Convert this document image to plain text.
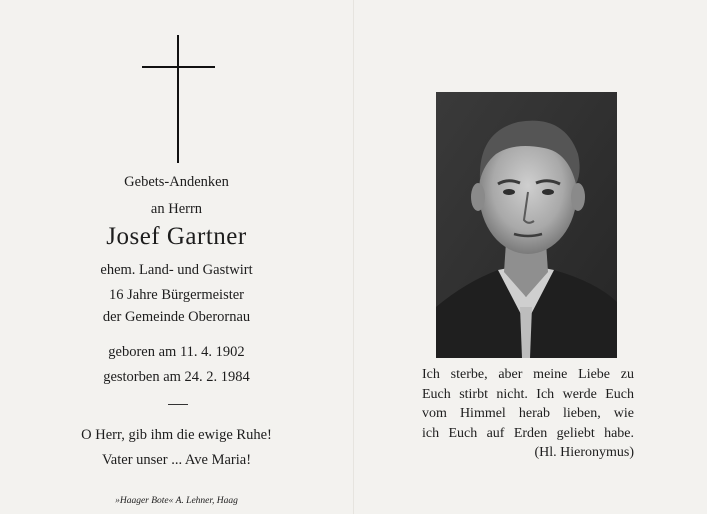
Gebets-Andenken
an Herrn
Josef Gartner
ehem. Land- und Gastwirt
16 Jahre Bürgermeister
der Gemeinde Oberornau
geboren am 11. 4. 1902
gestorben am 24. 2. 1984
O Herr, gib ihm die ewige Ruhe!
Vater unser ... Ave Maria!
»Haager Bote« A. Lehner, Haag
Ich sterbe, aber meine Liebe zu
Euch stirbt nicht. Ich werde Euch
vom Himmel herab lieben, wie
ich Euch auf Erden geliebt habe.
(Hl. Hieronymus)
